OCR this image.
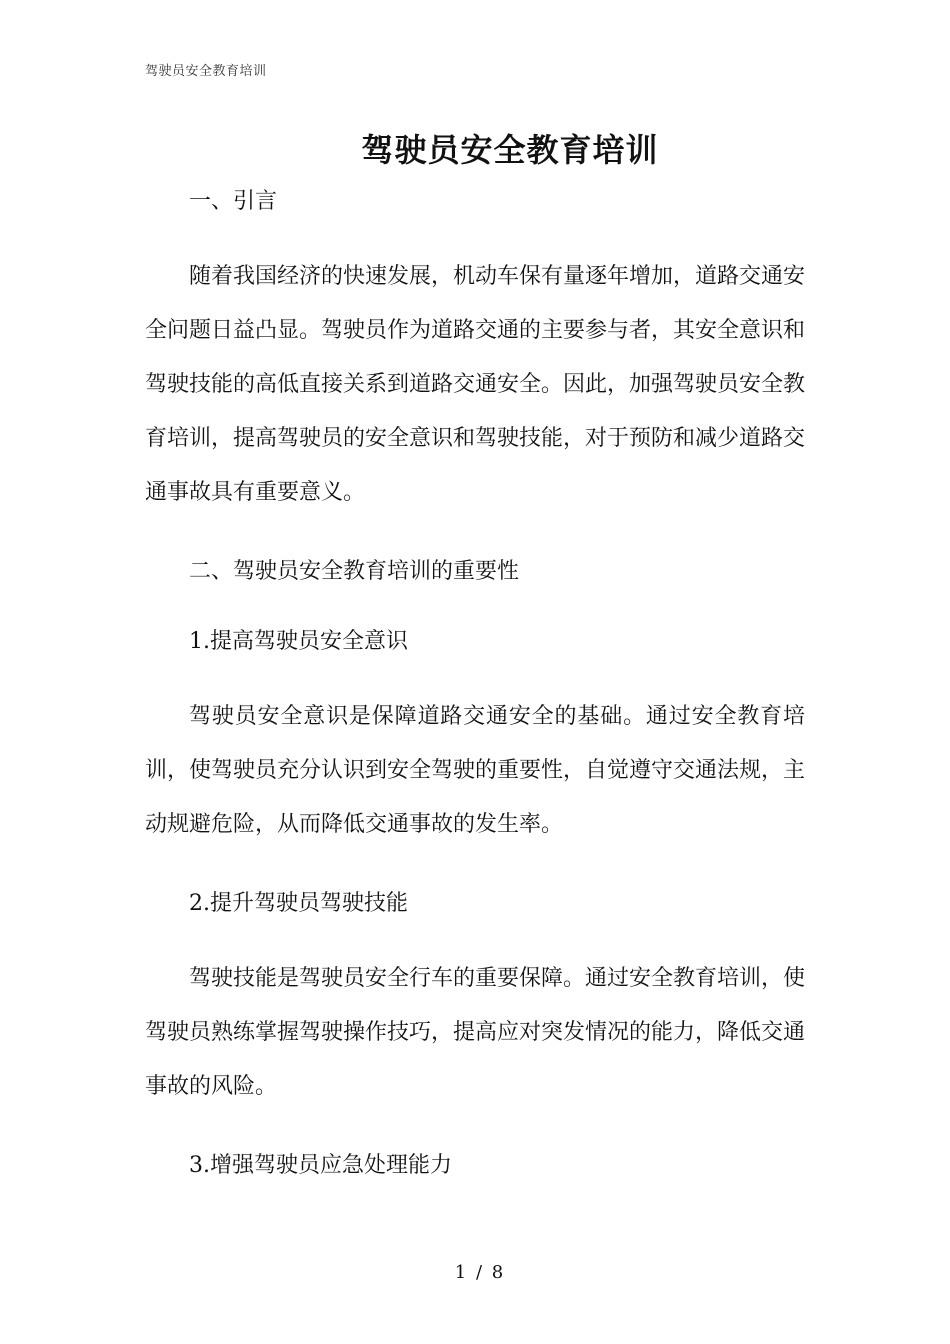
驾驶员安全教育培训
驾驶员安全教育培训

一、引言

随着我国经济的快速发展，机动车保有量逐年增加，道路交通安全问题日益凸显。驾驶员作为道路交通的主要参与者，其安全意识和驾驶技能的高低直接关系到道路交通安全。因此，加强驾驶员安全教育培训，提高驾驶员的安全意识和驾驶技能，对于预防和减少道路交通事故具有重要意义。

二、驾驶员安全教育培训的重要性

1.提高驾驶员安全意识

驾驶员安全意识是保障道路交通安全的基础。通过安全教育培训，使驾驶员充分认识到安全驾驶的重要性，自觉遵守交通法规，主动规避危险，从而降低交通事故的发生率。

2.提升驾驶员驾驶技能

驾驶技能是驾驶员安全行车的重要保障。通过安全教育培训，使驾驶员熟练掌握驾驶操作技巧，提高应对突发情况的能力，降低交通事故的风险。

3.增强驾驶员应急处理能力

1 / 8
